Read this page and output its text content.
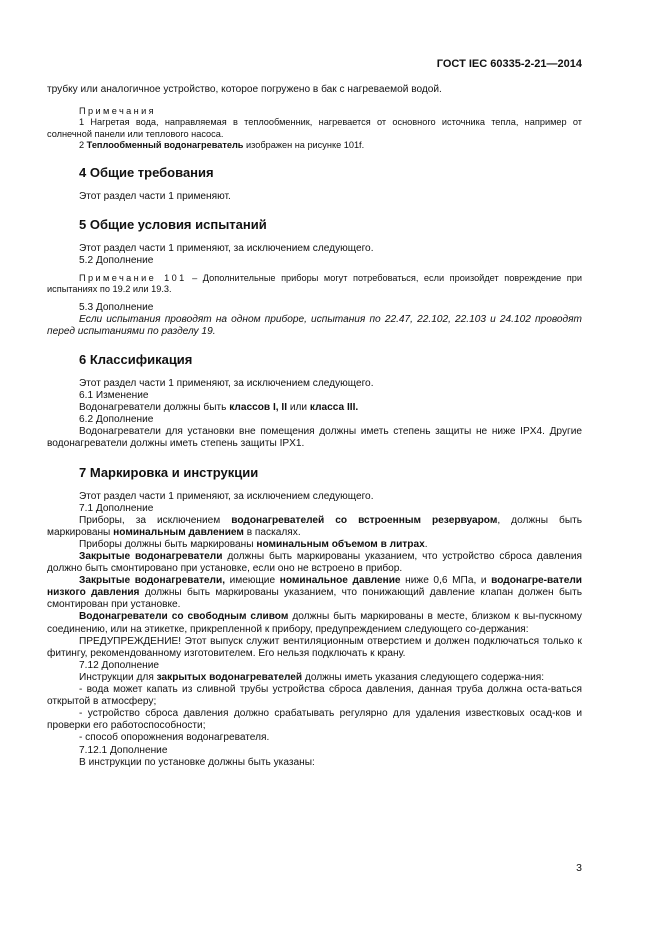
ГОСТ IEC 60335-2-21—2014

трубку или аналогичное устройство, которое погружено в бак с нагреваемой водой.

Примечания

1 Нагретая вода, направляемая в теплообменник, нагревается от основного источника тепла, например от солнечной панели или теплового насоса.

2 Теплообменный водонагреватель изображен на рисунке 101f.

4 Общие требования

Этот раздел части 1 применяют.

5 Общие условия испытаний

Этот раздел части 1 применяют, за исключением следующего.

5.2 Дополнение

Примечание 101 – Дополнительные приборы могут потребоваться, если произойдет повреждение при испытаниях по 19.2 или 19.3.

5.3 Дополнение

Если испытания проводят на одном приборе, испытания по 22.47, 22.102, 22.103 и 24.102 проводят перед испытаниями по разделу 19.

6 Классификация

Этот раздел части 1 применяют, за исключением следующего.

6.1 Изменение

Водонагреватели должны быть классов I, II или класса III.

6.2 Дополнение

Водонагреватели для установки вне помещения должны иметь степень защиты не ниже IPX4. Другие водонагреватели должны иметь степень защиты IPX1.

7 Маркировка и инструкции

Этот раздел части 1 применяют, за исключением следующего.

7.1 Дополнение

Приборы, за исключением водонагревателей со встроенным резервуаром, должны быть маркированы номинальным давлением в паскалях.

Приборы должны быть маркированы номинальным объемом в литрах.

Закрытые водонагреватели должны быть маркированы указанием, что устройство сброса давления должно быть смонтировано при установке, если оно не встроено в прибор.

Закрытые водонагреватели, имеющие номинальное давление ниже 0,6 МПа, и водонагре-ватели низкого давления должны быть маркированы указанием, что понижающий давление клапан должен быть смонтирован при установке.

Водонагреватели со свободным сливом должны быть маркированы в месте, близком к вы-пускному соединению, или на этикетке, прикрепленной к прибору, предупреждением следующего со-держания:

ПРЕДУПРЕЖДЕНИЕ! Этот выпуск служит вентиляционным отверстием и должен подключаться только к фитингу, рекомендованному изготовителем. Его нельзя подключать к крану.

7.12 Дополнение

Инструкции для закрытых водонагревателей должны иметь указания следующего содержа-ния:

- вода может капать из сливной трубы устройства сброса давления, данная труба должна оста-ваться открытой в атмосферу;

- устройство сброса давления должно срабатывать регулярно для удаления известковых осад-ков и проверки его работоспособности;

- способ опорожнения водонагревателя.

7.12.1 Дополнение

В инструкции по установке должны быть указаны:

3
